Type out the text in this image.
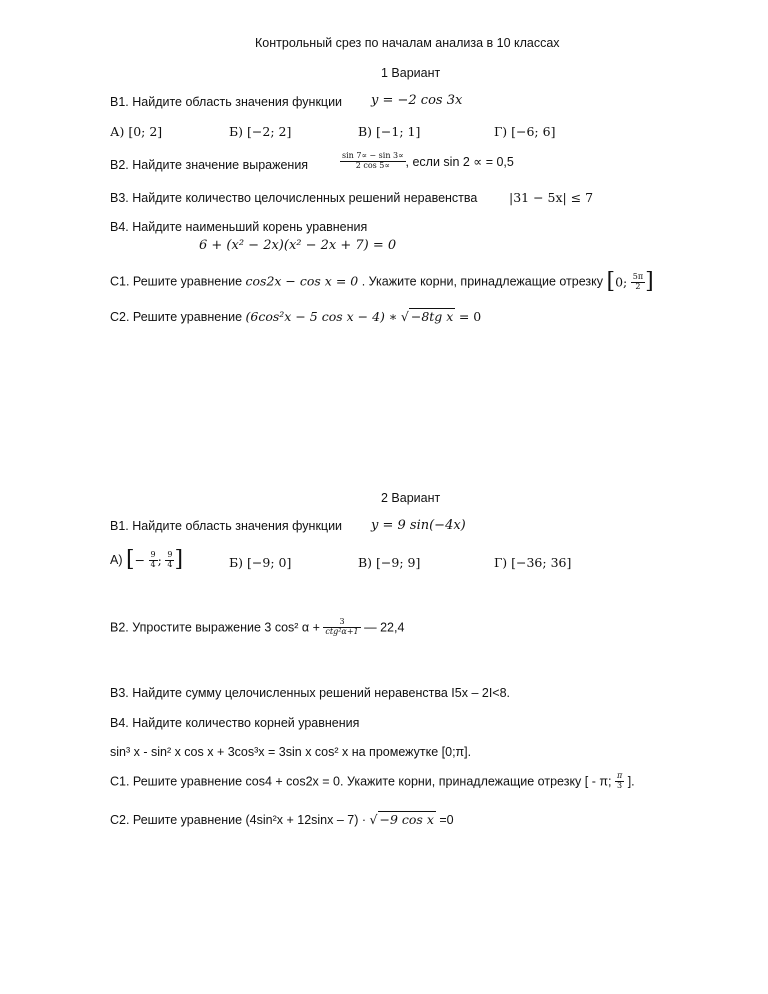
Контрольный срез по началам анализа в 10 классах
1 Вариант
В1. Найдите область значения функции y = −2 cos 3x
А) [0; 2]	Б) [−2; 2]	В) [−1; 1]	Г) [−6; 6]
В2. Найдите значение выражения	$\frac{\sin 7\propto - \sin 3\propto}{2 \cos 5\propto}$ , если sin 2 ∝ = 0,5
В3. Найдите количество целочисленных решений неравенства	|31 − 5x| ≤ 7
В4. Найдите наименьший корень уравнения
6 + (x² − 2x)(x² − 2x + 7) = 0
С1. Решите уравнение cos2x − cos x = 0 . Укажите корни, принадлежащие отрезку [0; $\frac{5\pi}{2}$ ]
С2. Решите уравнение (6cos²x − 5 cos x − 4) ∗ √ −8tg x = 0
2 Вариант
В1. Найдите область значения функции y = 9 sin(−4x)
А) [− $\frac{9}{4}$ ; $\frac{9}{4}$ ]	Б) [−9; 0]	В) [−9; 9]	Г) [−36; 36]
В2. Упростите выражение 3 cos² $\alpha + \frac{3}{\text{ctg²α+1}}$ — 22,4
В3. Найдите сумму целочисленных решений неравенства I5x – 2I<8.
В4. Найдите количество корней уравнения
sin³ x - sin² x cos x + 3cos³x = 3sin x cos² x на промежутке [0;π].
С1. Решите уравнение cos4 + cos2x = 0. Укажите корни, принадлежащие отрезку [ - π; $\frac{\pi}{3}$ ].
С2. Решите уравнение (4sin²x + 12sinx – 7) · √ −9 cos x =0
